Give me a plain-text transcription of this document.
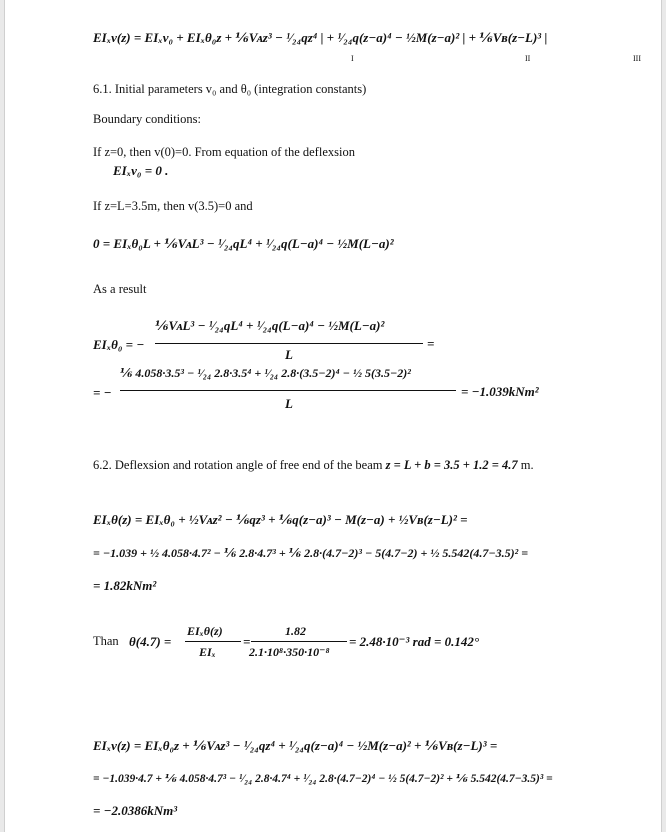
EIₓv(z) = EIₓv₀ + EIₓθ₀z + ⅙Vᴀz³ − ¹⁄₂₄qz⁴ | + ¹⁄₂₄q(z−a)⁴ − ½M(z−a)² | + ⅙Vʙ(z−L)³ |
I	II	III
6.1. Initial parameters v₀ and θ₀ (integration constants)
Boundary conditions:
If z=0, then v(0)=0. From equation of the deflexsion
EIₓv₀ = 0 .
If z=L=3.5m, then v(3.5)=0 and
0 = EIₓθ₀L + ⅙VᴀL³ − ¹⁄₂₄qL⁴ + ¹⁄₂₄q(L−a)⁴ − ½M(L−a)²
As a result
EIₓθ₀ = −
⅙VᴀL³ − ¹⁄₂₄qL⁴ + ¹⁄₂₄q(L−a)⁴ − ½M(L−a)²
L
=
= −
⅙ 4.058·3.5³ − ¹⁄₂₄ 2.8·3.5⁴ + ¹⁄₂₄ 2.8·(3.5−2)⁴ − ½ 5(3.5−2)²
L
= −1.039kNm²
6.2. Deflexsion and rotation angle of free end of the beam z = L + b = 3.5 + 1.2 = 4.7 m.
EIₓθ(z) = EIₓθ₀ + ½Vᴀz² − ⅙qz³ + ⅙q(z−a)³ − M(z−a) + ½Vʙ(z−L)² =
= −1.039 + ½ 4.058·4.7² − ⅙ 2.8·4.7³ + ⅙ 2.8·(4.7−2)³ − 5(4.7−2) + ½ 5.542(4.7−3.5)² =
= 1.82kNm²
Than θ(4.7) =
EIₓθ(z)
EIₓ
=
1.82
2.1·10⁸·350·10⁻⁸
= 2.48·10⁻³ rad = 0.142°
EIₓv(z) = EIₓθ₀z + ⅙Vᴀz³ − ¹⁄₂₄qz⁴ + ¹⁄₂₄q(z−a)⁴ − ½M(z−a)² + ⅙Vʙ(z−L)³ =
= −1.039·4.7 + ⅙ 4.058·4.7³ − ¹⁄₂₄ 2.8·4.7⁴ + ¹⁄₂₄ 2.8·(4.7−2)⁴ − ½ 5(4.7−2)² + ⅙ 5.542(4.7−3.5)³ =
= −2.0386kNm³
